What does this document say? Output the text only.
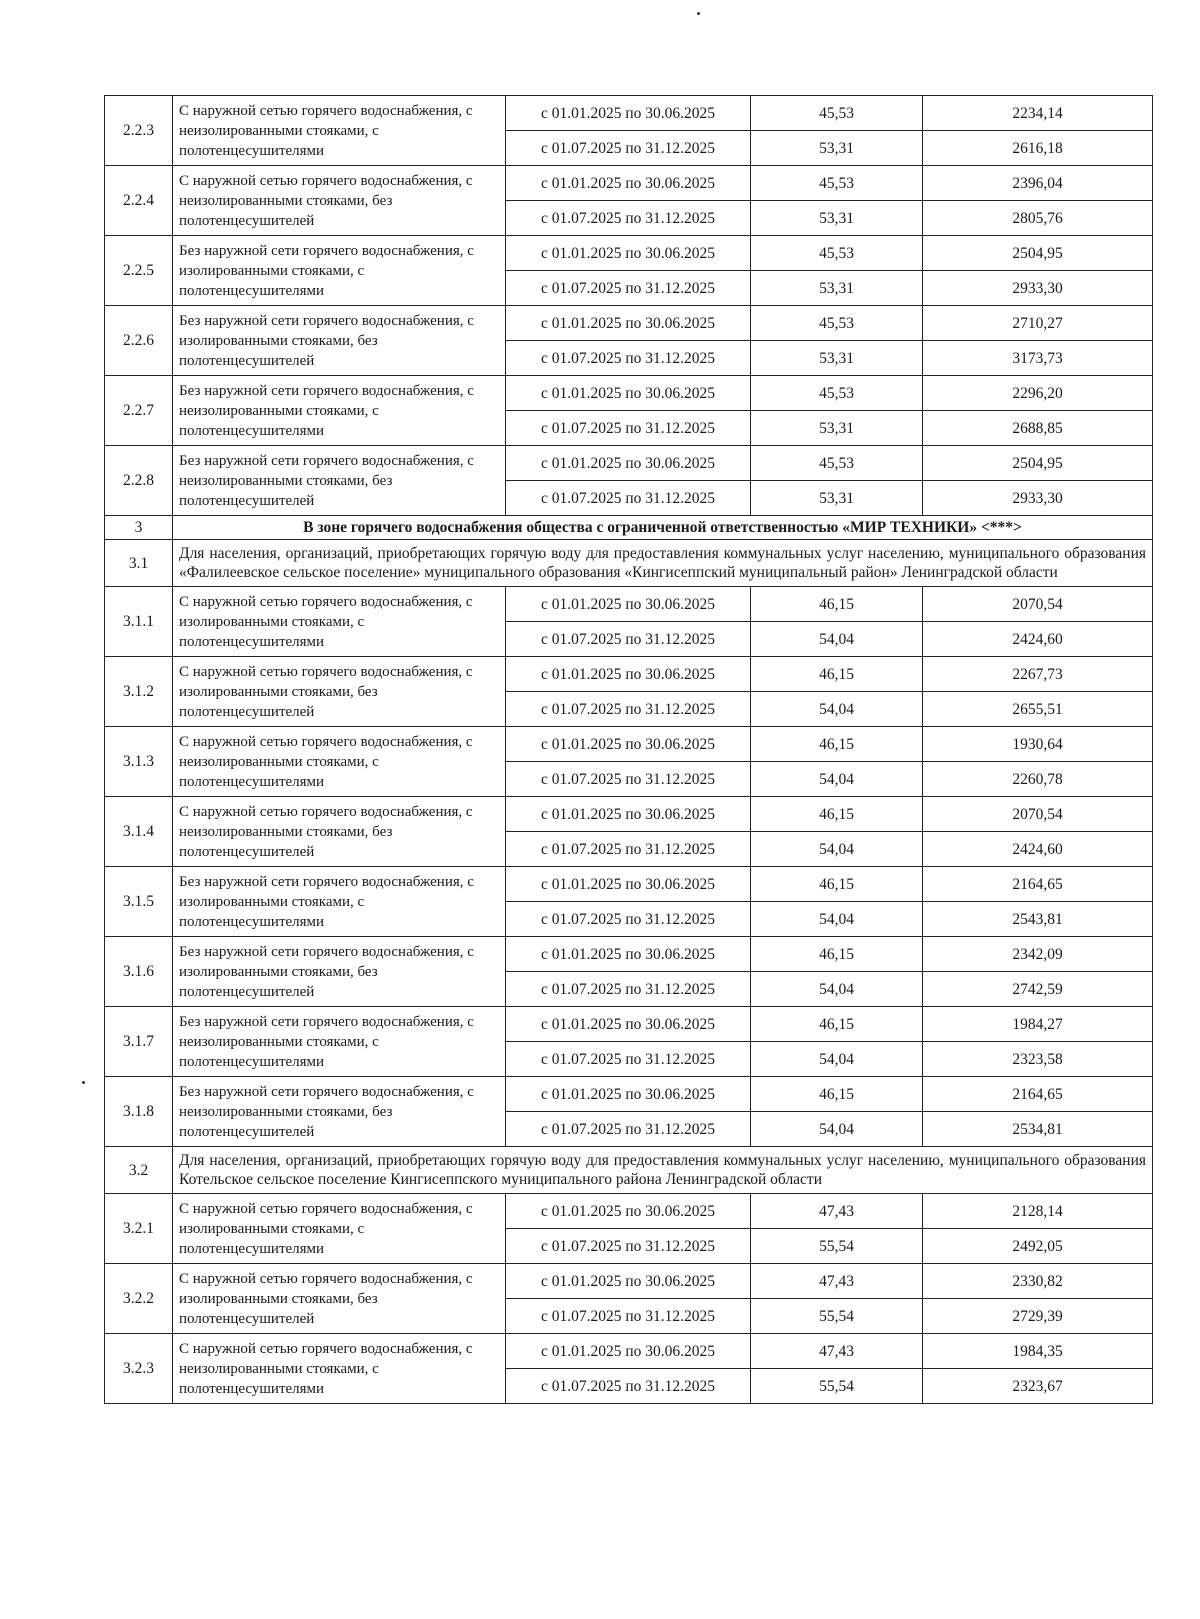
2.2.3	С наружной сетью горячего водоснабжения, с неизолированными стояками, с полотенцесушителями	с 01.01.2025 по 30.06.2025	45,53	2234,14
		с 01.07.2025 по 31.12.2025	53,31	2616,18
2.2.4	С наружной сетью горячего водоснабжения, с неизолированными стояками, без полотенцесушителей	с 01.01.2025 по 30.06.2025	45,53	2396,04
		с 01.07.2025 по 31.12.2025	53,31	2805,76
2.2.5	Без наружной сети горячего водоснабжения, с изолированными стояками, с полотенцесушителями	с 01.01.2025 по 30.06.2025	45,53	2504,95
		с 01.07.2025 по 31.12.2025	53,31	2933,30
2.2.6	Без наружной сети горячего водоснабжения, с изолированными стояками, без полотенцесушителей	с 01.01.2025 по 30.06.2025	45,53	2710,27
		с 01.07.2025 по 31.12.2025	53,31	3173,73
2.2.7	Без наружной сети горячего водоснабжения, с неизолированными стояками, с полотенцесушителями	с 01.01.2025 по 30.06.2025	45,53	2296,20
		с 01.07.2025 по 31.12.2025	53,31	2688,85
2.2.8	Без наружной сети горячего водоснабжения, с неизолированными стояками, без полотенцесушителей	с 01.01.2025 по 30.06.2025	45,53	2504,95
		с 01.07.2025 по 31.12.2025	53,31	2933,30
3	В зоне горячего водоснабжения общества с ограниченной ответственностью «МИР ТЕХНИКИ» <***>			
3.1	Для населения, организаций, приобретающих горячую воду для предоставления коммунальных услуг населению, муниципального образования «Фалилеевское сельское поселение» муниципального образования «Кингисеппский муниципальный район» Ленинградской области			
3.1.1	С наружной сетью горячего водоснабжения, с изолированными стояками, с полотенцесушителями	с 01.01.2025 по 30.06.2025	46,15	2070,54
		с 01.07.2025 по 31.12.2025	54,04	2424,60
3.1.2	С наружной сетью горячего водоснабжения, с изолированными стояками, без полотенцесушителей	с 01.01.2025 по 30.06.2025	46,15	2267,73
		с 01.07.2025 по 31.12.2025	54,04	2655,51
3.1.3	С наружной сетью горячего водоснабжения, с неизолированными стояками, с полотенцесушителями	с 01.01.2025 по 30.06.2025	46,15	1930,64
		с 01.07.2025 по 31.12.2025	54,04	2260,78
3.1.4	С наружной сетью горячего водоснабжения, с неизолированными стояками, без полотенцесушителей	с 01.01.2025 по 30.06.2025	46,15	2070,54
		с 01.07.2025 по 31.12.2025	54,04	2424,60
3.1.5	Без наружной сети горячего водоснабжения, с изолированными стояками, с полотенцесушителями	с 01.01.2025 по 30.06.2025	46,15	2164,65
		с 01.07.2025 по 31.12.2025	54,04	2543,81
3.1.6	Без наружной сети горячего водоснабжения, с изолированными стояками, без полотенцесушителей	с 01.01.2025 по 30.06.2025	46,15	2342,09
		с 01.07.2025 по 31.12.2025	54,04	2742,59
3.1.7	Без наружной сети горячего водоснабжения, с неизолированными стояками, с полотенцесушителями	с 01.01.2025 по 30.06.2025	46,15	1984,27
		с 01.07.2025 по 31.12.2025	54,04	2323,58
3.1.8	Без наружной сети горячего водоснабжения, с неизолированными стояками, без полотенцесушителей	с 01.01.2025 по 30.06.2025	46,15	2164,65
		с 01.07.2025 по 31.12.2025	54,04	2534,81
3.2	Для населения, организаций, приобретающих горячую воду для предоставления коммунальных услуг населению, муниципального образования Котельское сельское поселение Кингисеппского муниципального района Ленинградской области			
3.2.1	С наружной сетью горячего водоснабжения, с изолированными стояками, с полотенцесушителями	с 01.01.2025 по 30.06.2025	47,43	2128,14
		с 01.07.2025 по 31.12.2025	55,54	2492,05
3.2.2	С наружной сетью горячего водоснабжения, с изолированными стояками, без полотенцесушителей	с 01.01.2025 по 30.06.2025	47,43	2330,82
		с 01.07.2025 по 31.12.2025	55,54	2729,39
3.2.3	С наружной сетью горячего водоснабжения, с неизолированными стояками, с полотенцесушителями	с 01.01.2025 по 30.06.2025	47,43	1984,35
		с 01.07.2025 по 31.12.2025	55,54	2323,67
